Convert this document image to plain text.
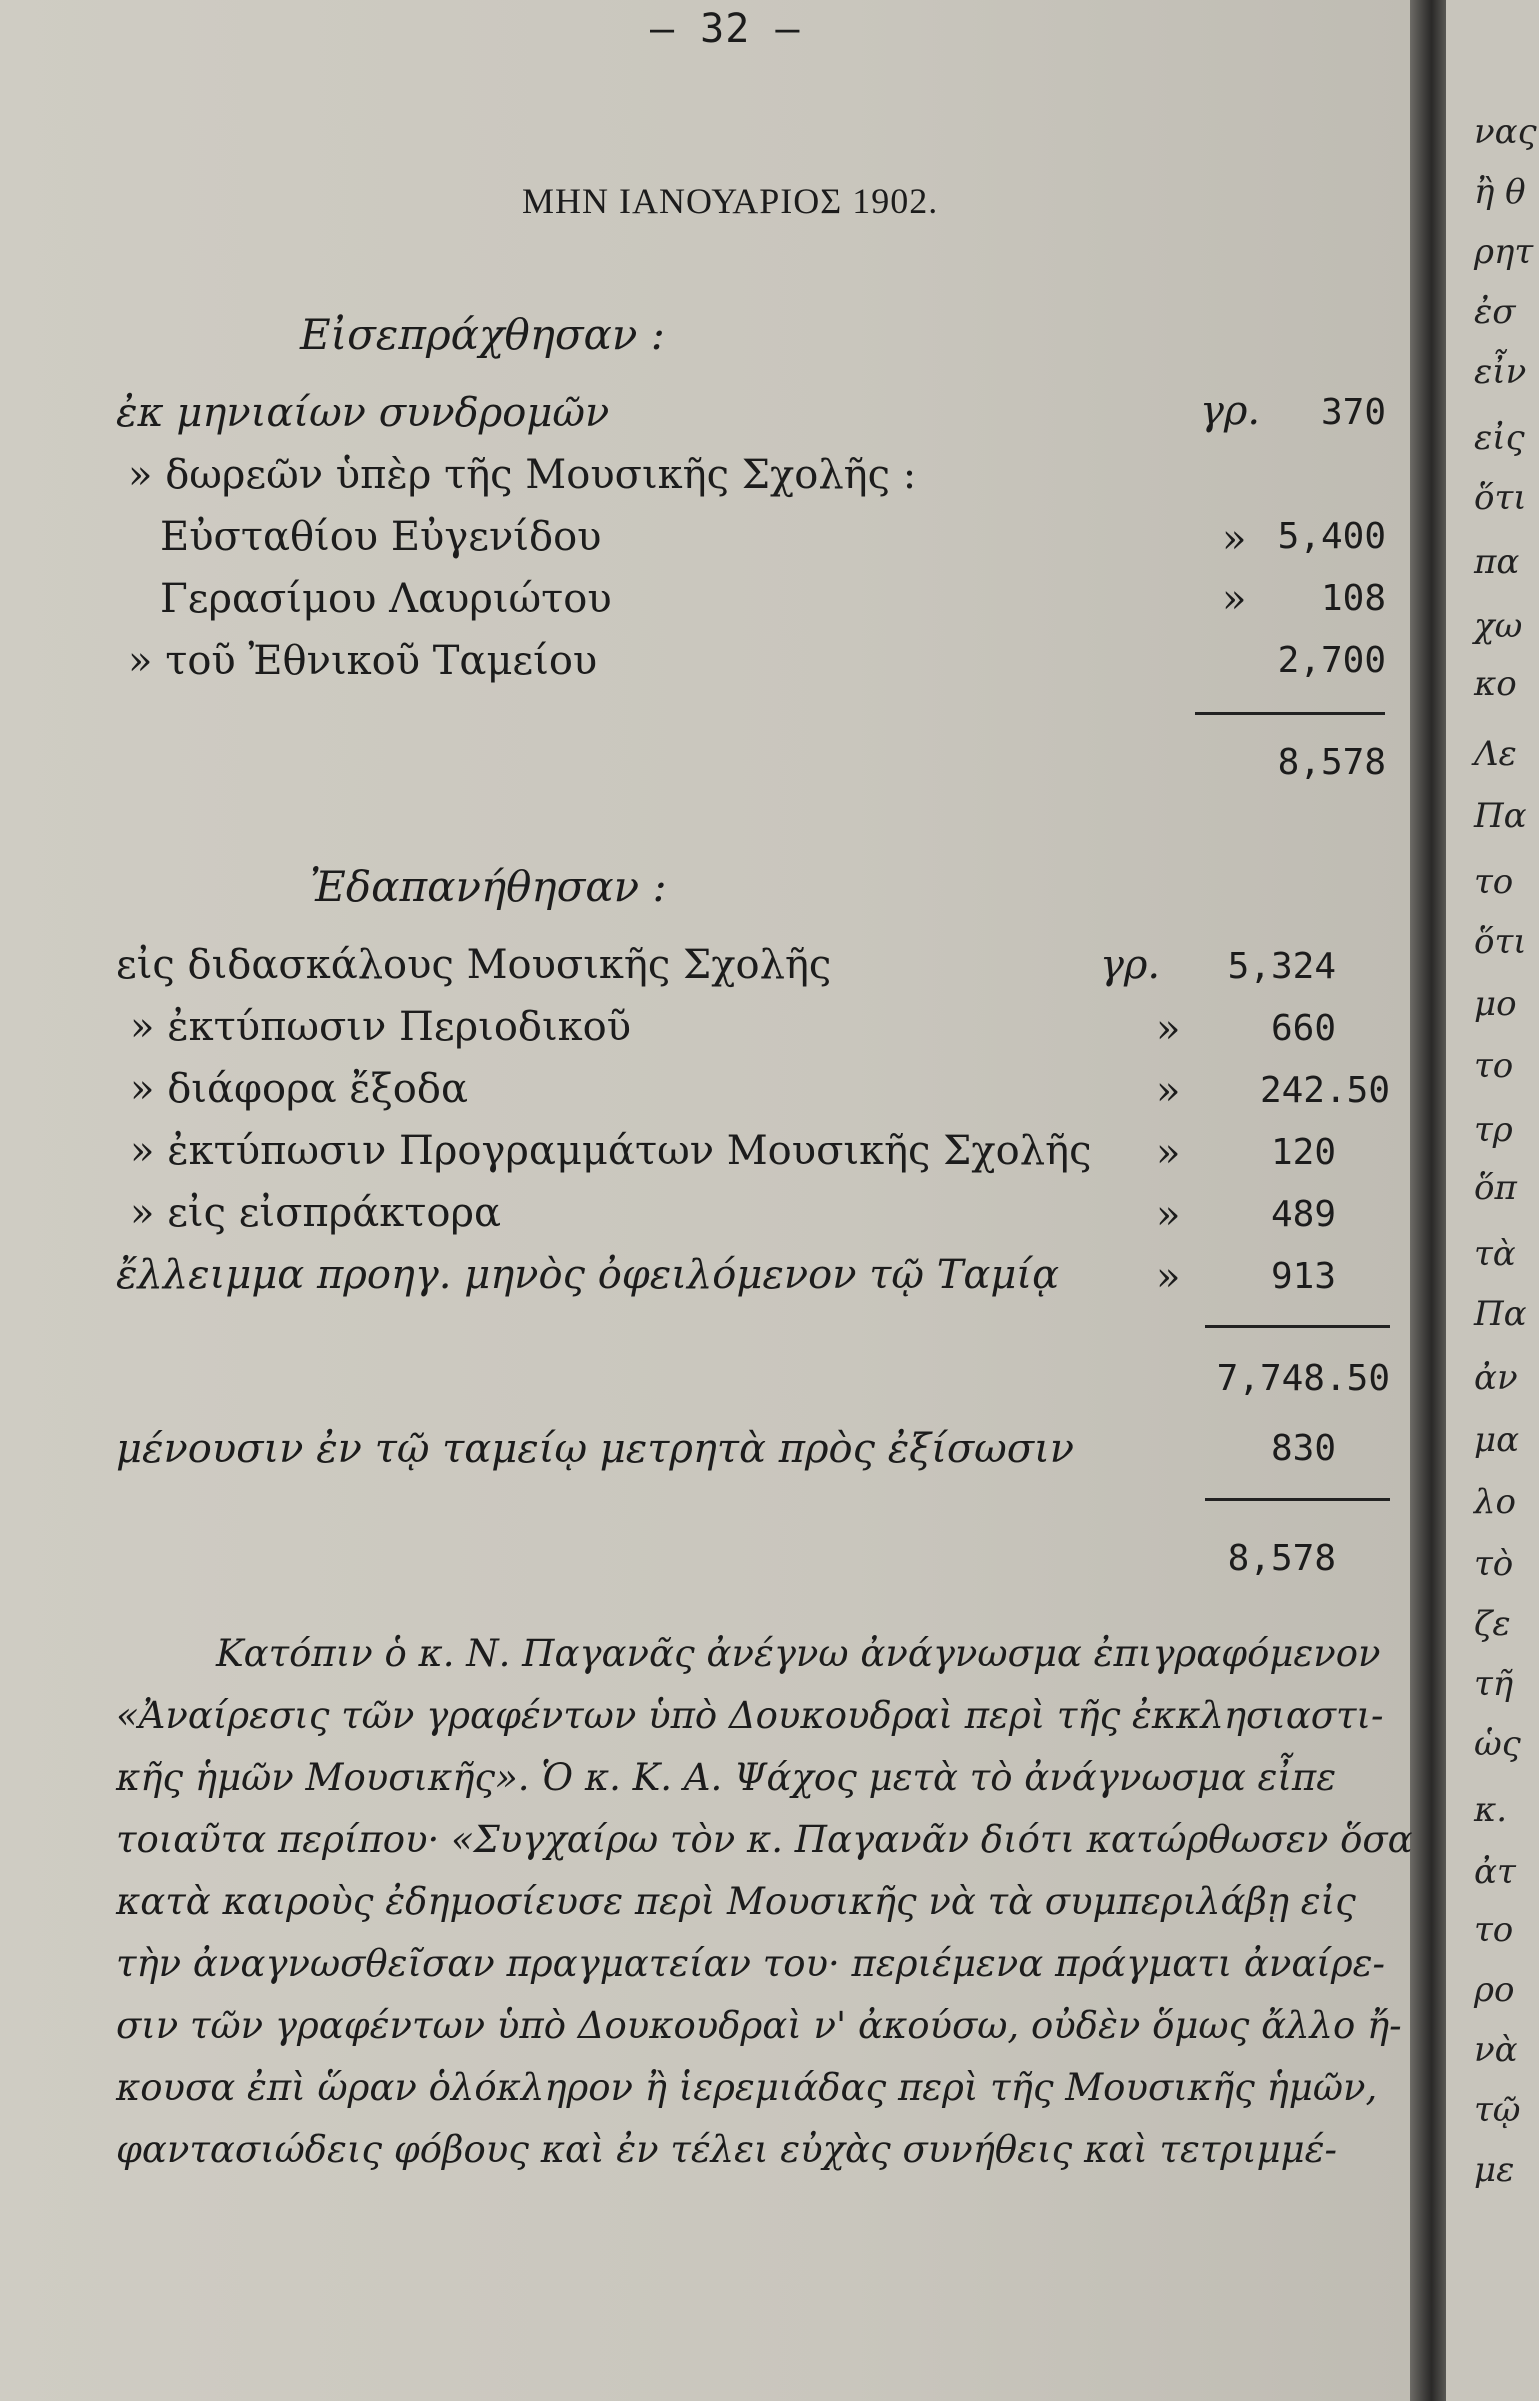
— 32 —
ΜΗΝ ΙΑΝΟΥΑΡΙΟΣ 1902.
Εἰσεπράχθησαν :
ἐκ μηνιαίων συνδρομῶν	γρ.	370
» δωρεῶν ὑπὲρ τῆς Μουσικῆς Σχολῆς :
Εὐσταθίου Εὐγενίδου	» 5,400
Γερασίμου Λαυριώτου	»	108
» τοῦ Ἐθνικοῦ Ταμείου	2,700
8,578
Ἐδαπανήθησαν :
εἰς διδασκάλους Μουσικῆς Σχολῆς	γρ.	5,324
» ἐκτύπωσιν Περιοδικοῦ	»	660
» διάφορα ἔξοδα	»	242.50
» ἐκτύπωσιν Προγραμμάτων Μουσικῆς Σχολῆς »	120
» εἰς εἰσπράκτορα	»	489
ἔλλειμμα προηγ. μηνὸς ὀφειλόμενον τῷ Ταμίᾳ »	913
7,748.50
μένουσιν ἐν τῷ ταμείῳ μετρητὰ πρὸς ἐξίσωσιν	830
8,578
Κατόπιν ὁ κ. Ν. Παγανᾶς ἀνέγνω ἀνάγνωσμα ἐπιγραφόμενον
«Ἀναίρεσις τῶν γραφέντων ὑπὸ Δουκουδραὶ περὶ τῆς ἐκκλησιαστι-
κῆς ἡμῶν Μουσικῆς». Ὁ κ. Κ. Α. Ψάχος μετὰ τὸ ἀνάγνωσμα εἶπε
τοιαῦτα περίπου· «Συγχαίρω τὸν κ. Παγανᾶν διότι κατώρθωσεν ὅσα
κατὰ καιροὺς ἐδημοσίευσε περὶ Μουσικῆς νὰ τὰ συμπεριλάβῃ εἰς
τὴν ἀναγνωσθεῖσαν πραγματείαν του· περιέμενα πράγματι ἀναίρε-
σιν τῶν γραφέντων ὑπὸ Δουκουδραὶ ν' ἀκούσω, οὐδὲν ὅμως ἄλλο ἤ-
κουσα ἐπὶ ὥραν ὁλόκληρον ἢ ἱερεμιάδας περὶ τῆς Μουσικῆς ἡμῶν,
φαντασιώδεις φόβους καὶ ἐν τέλει εὐχὰς συνήθεις καὶ τετριμμέ-
νας
ἢ θ
ρητ
ἐσ
εἶν
εἰς
ὅτι
πα
χω
κο
Λε
Πα
το
ὅτι
μο
το
τρ
ὅπ
τὰ
Πα
ἀν
μα
λο
τὸ
ζε
τῆ
ὡς
κ.
ἀτ
το
ρο
νὰ
τῷ
με
